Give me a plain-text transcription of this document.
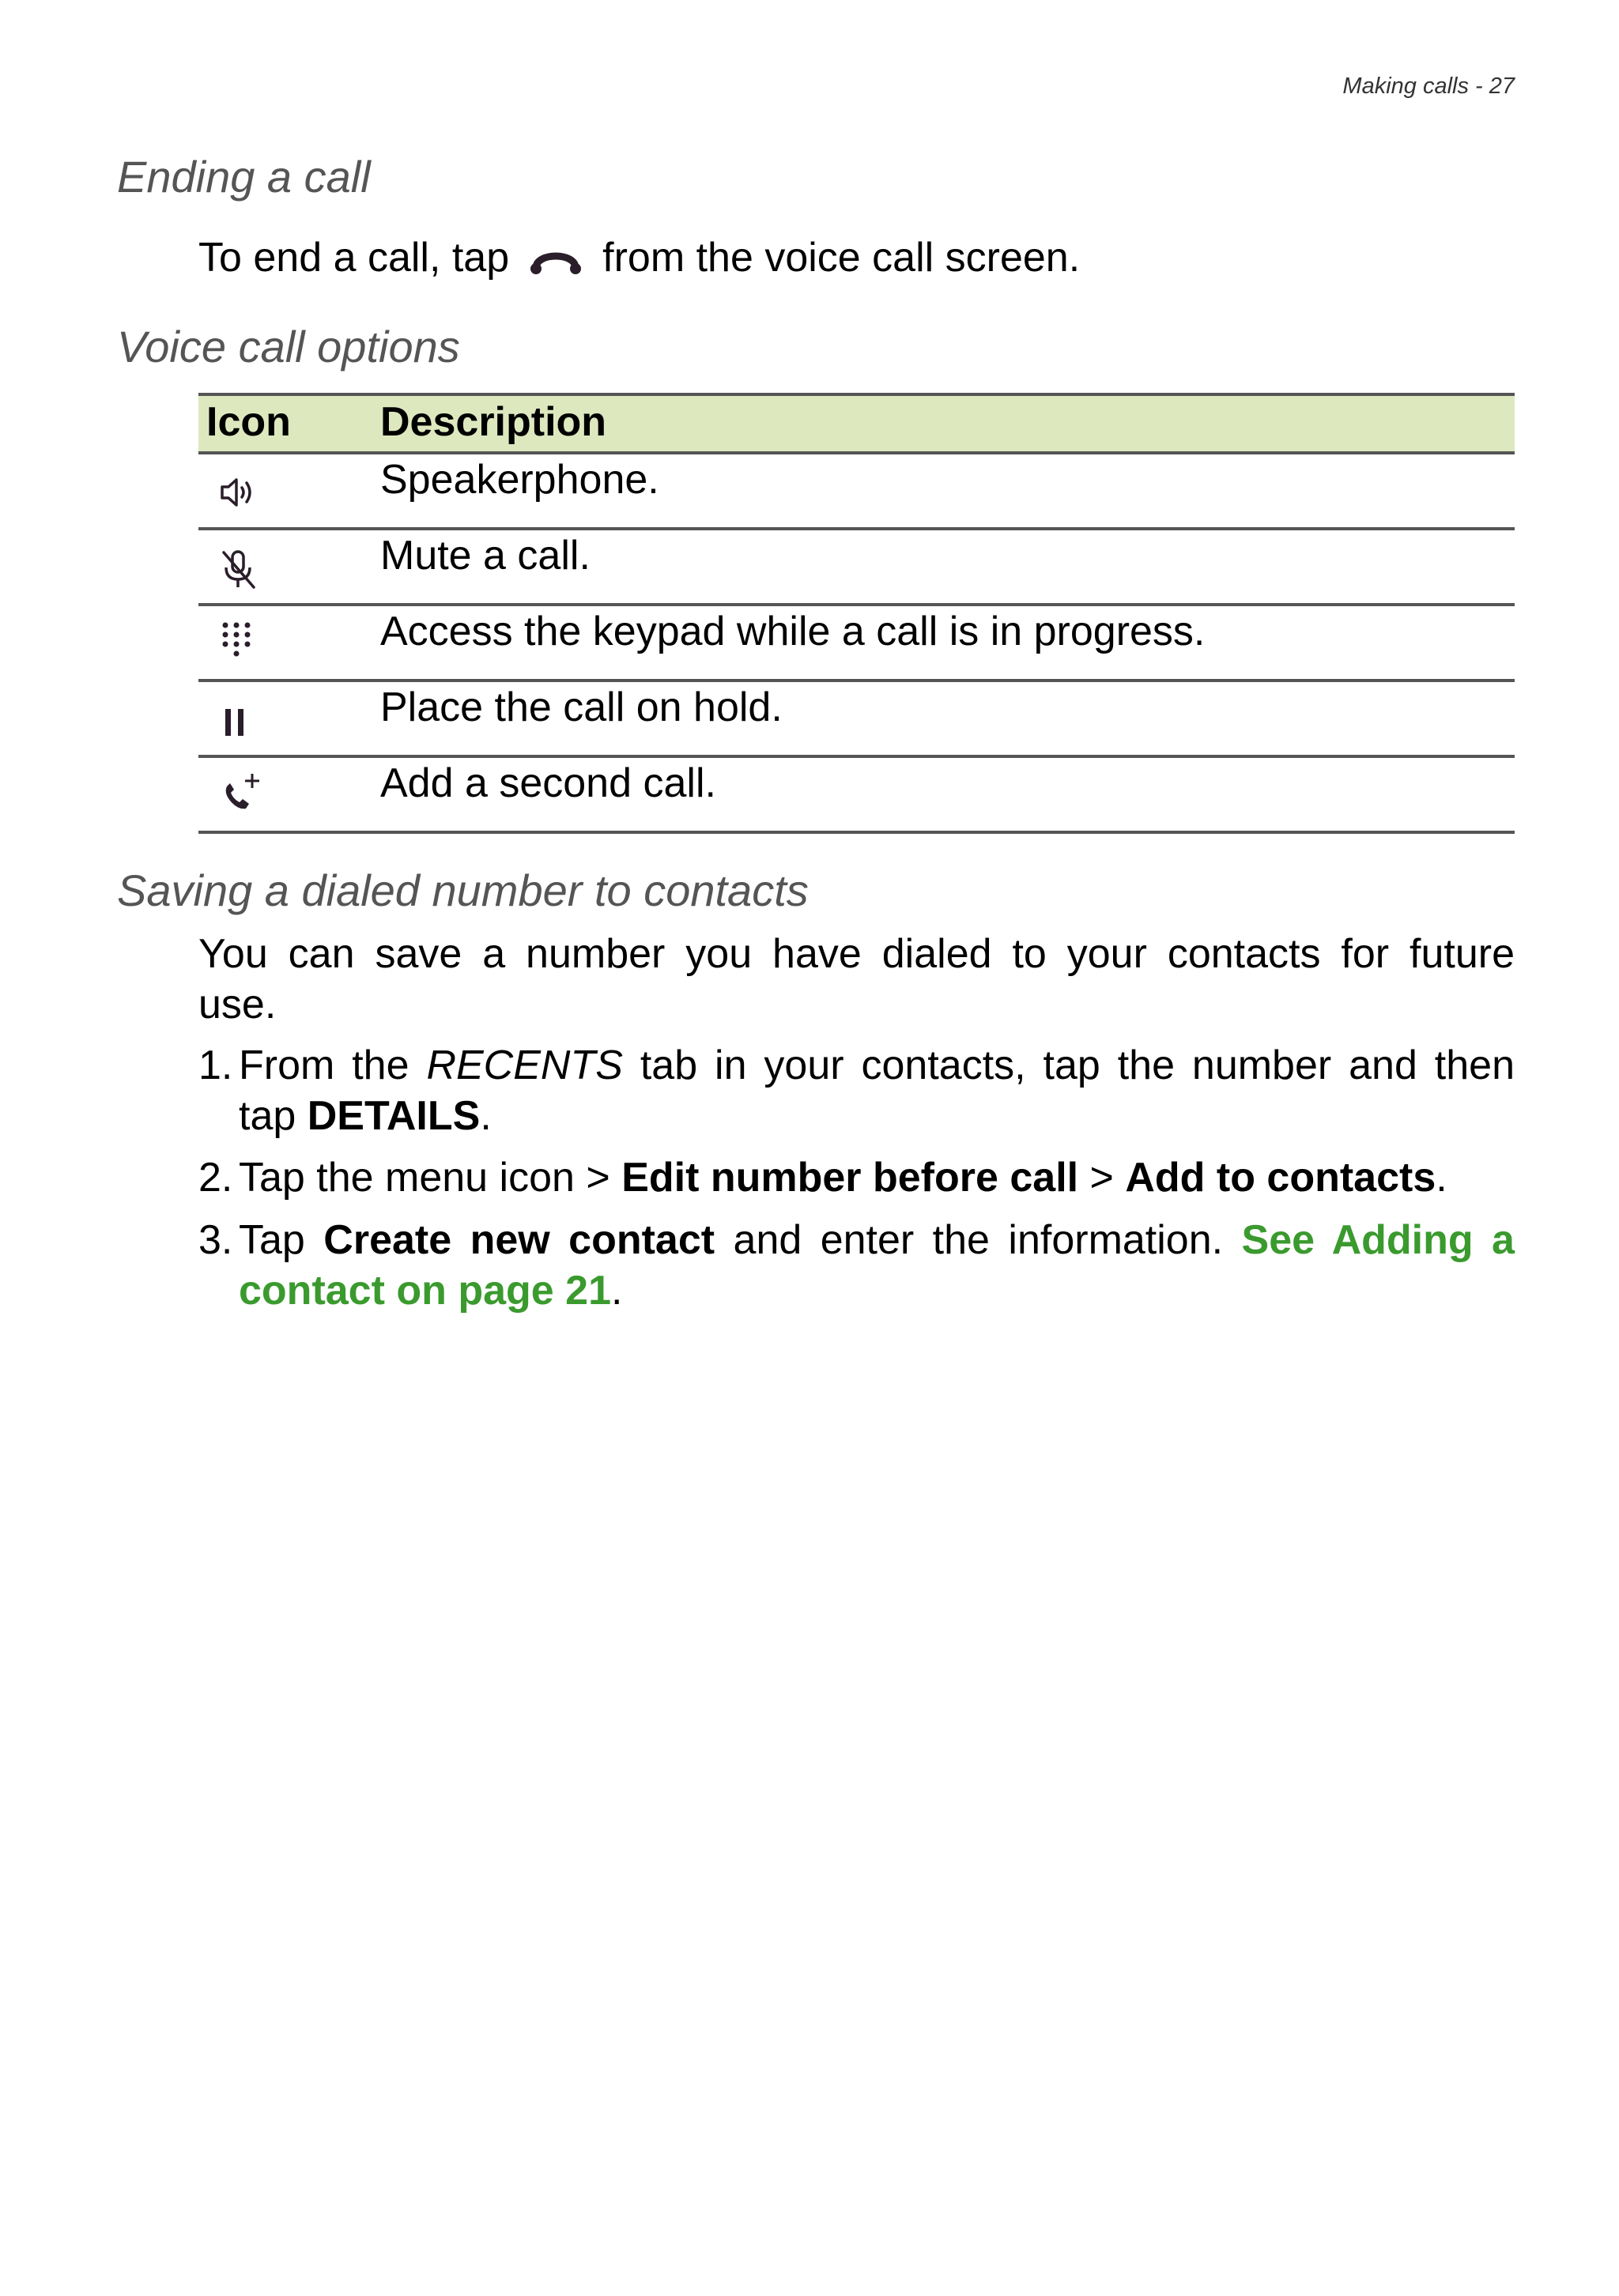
Making calls - 27
Ending a call
To end a call, tap from the voice call screen.
Voice call options
Icon	Description
Speakerphone.
Mute a call.
Access the keypad while a call is in progress.
Place the call on hold.
Add a second call.
Saving a dialed number to contacts
You can save a number you have dialed to your contacts for future
use.
1. From the RECENTS tab in your contacts, tap the number and then
tap DETAILS.
2. Tap the menu icon > Edit number before call > Add to contacts.
3. Tap Create new contact and enter the information. See Adding a
contact on page 21.
